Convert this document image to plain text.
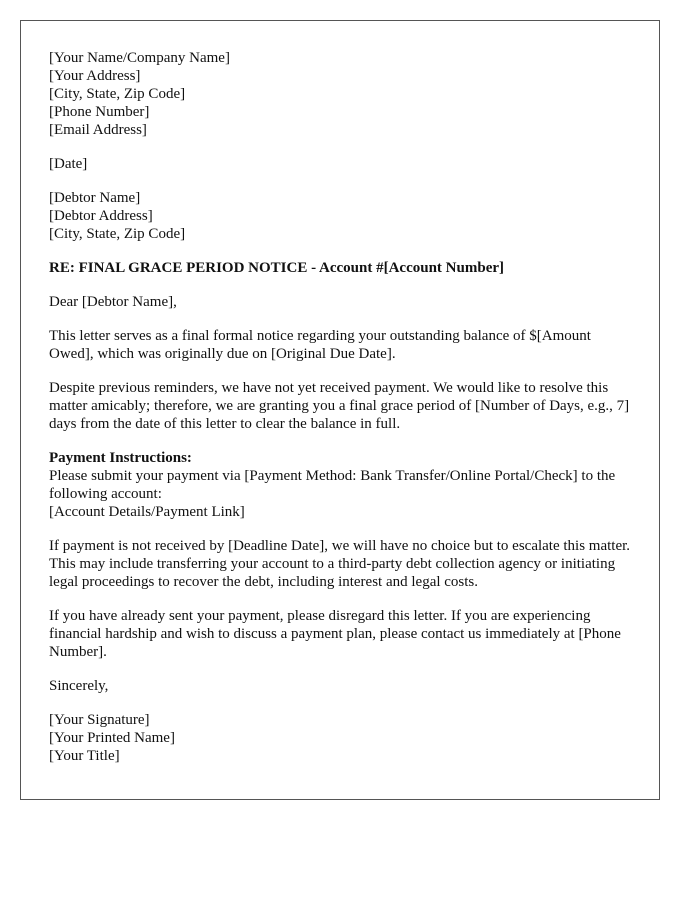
[Your Name/Company Name]
[Your Address]
[City, State, Zip Code]
[Phone Number]
[Email Address]

[Date]

[Debtor Name]
[Debtor Address]
[City, State, Zip Code]

RE: FINAL GRACE PERIOD NOTICE - Account #[Account Number]

Dear [Debtor Name],

This letter serves as a final formal notice regarding your outstanding balance of $[Amount Owed], which was originally due on [Original Due Date].

Despite previous reminders, we have not yet received payment. We would like to resolve this matter amicably; therefore, we are granting you a final grace period of [Number of Days, e.g., 7] days from the date of this letter to clear the balance in full.

Payment Instructions:
Please submit your payment via [Payment Method: Bank Transfer/Online Portal/Check] to the following account:
[Account Details/Payment Link]

If payment is not received by [Deadline Date], we will have no choice but to escalate this matter. This may include transferring your account to a third-party debt collection agency or initiating legal proceedings to recover the debt, including interest and legal costs.

If you have already sent your payment, please disregard this letter. If you are experiencing financial hardship and wish to discuss a payment plan, please contact us immediately at [Phone Number].

Sincerely,

[Your Signature]
[Your Printed Name]
[Your Title]
